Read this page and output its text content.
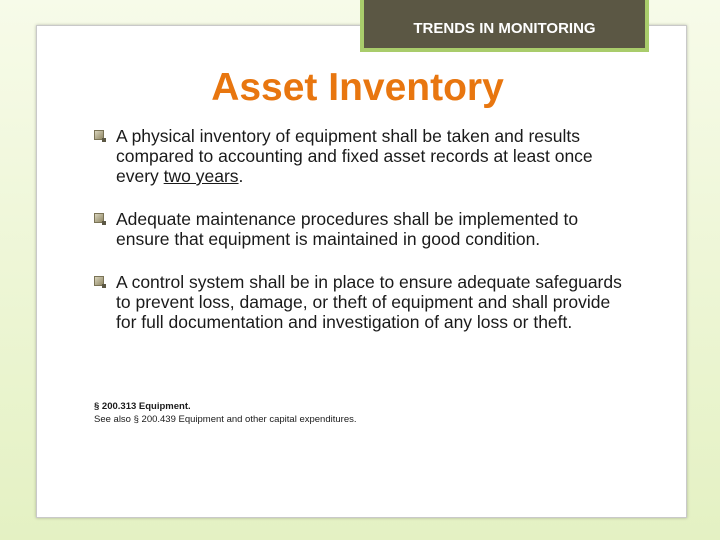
TRENDS IN MONITORING
Asset Inventory
A physical inventory of equipment shall be taken and results compared to accounting and fixed asset records at least once every two years.
Adequate maintenance procedures shall be implemented to ensure that equipment is maintained in good condition.
A control system shall be in place to ensure adequate safeguards to prevent loss, damage, or theft of equipment and shall provide for full documentation and investigation of any loss or theft.
§ 200.313 Equipment.
See also § 200.439 Equipment and other capital expenditures.
